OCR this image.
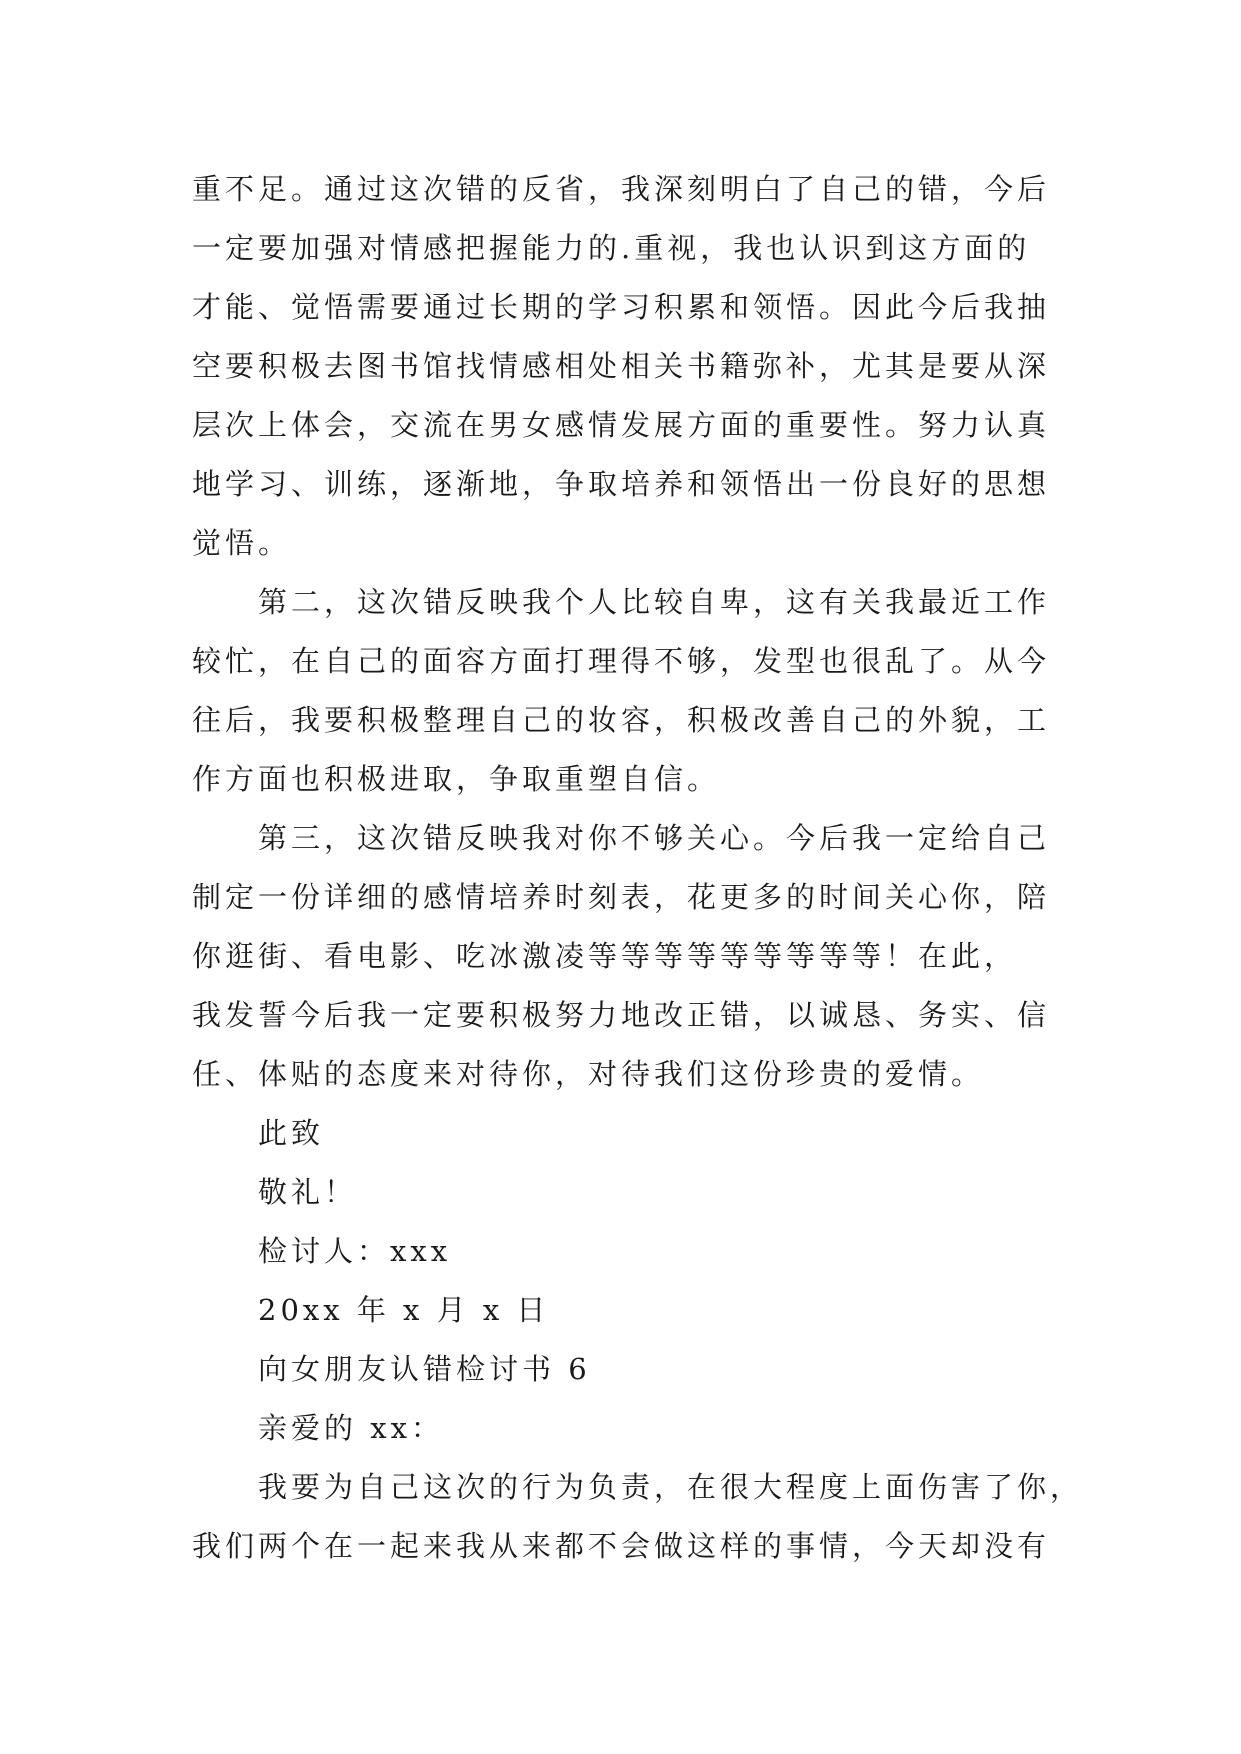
重不足。通过这次错的反省，我深刻明白了自己的错，今后
一定要加强对情感把握能力的.重视，我也认识到这方面的
才能、觉悟需要通过长期的学习积累和领悟。因此今后我抽
空要积极去图书馆找情感相处相关书籍弥补，尤其是要从深
层次上体会，交流在男女感情发展方面的重要性。努力认真
地学习、训练，逐渐地，争取培养和领悟出一份良好的思想
觉悟。
第二，这次错反映我个人比较自卑，这有关我最近工作
较忙，在自己的面容方面打理得不够，发型也很乱了。从今
往后，我要积极整理自己的妆容，积极改善自己的外貌，工
作方面也积极进取，争取重塑自信。
第三，这次错反映我对你不够关心。今后我一定给自己
制定一份详细的感情培养时刻表，花更多的时间关心你，陪
你逛街、看电影、吃冰激凌等等等等等等等等等！在此，
我发誓今后我一定要积极努力地改正错，以诚恳、务实、信
任、体贴的态度来对待你，对待我们这份珍贵的爱情。
此致
敬礼！
检讨人：xxx
20xx 年 x 月 x 日
向女朋友认错检讨书 6
亲爱的 xx：
我要为自己这次的行为负责，在很大程度上面伤害了你，
我们两个在一起来我从来都不会做这样的事情，今天却没有
